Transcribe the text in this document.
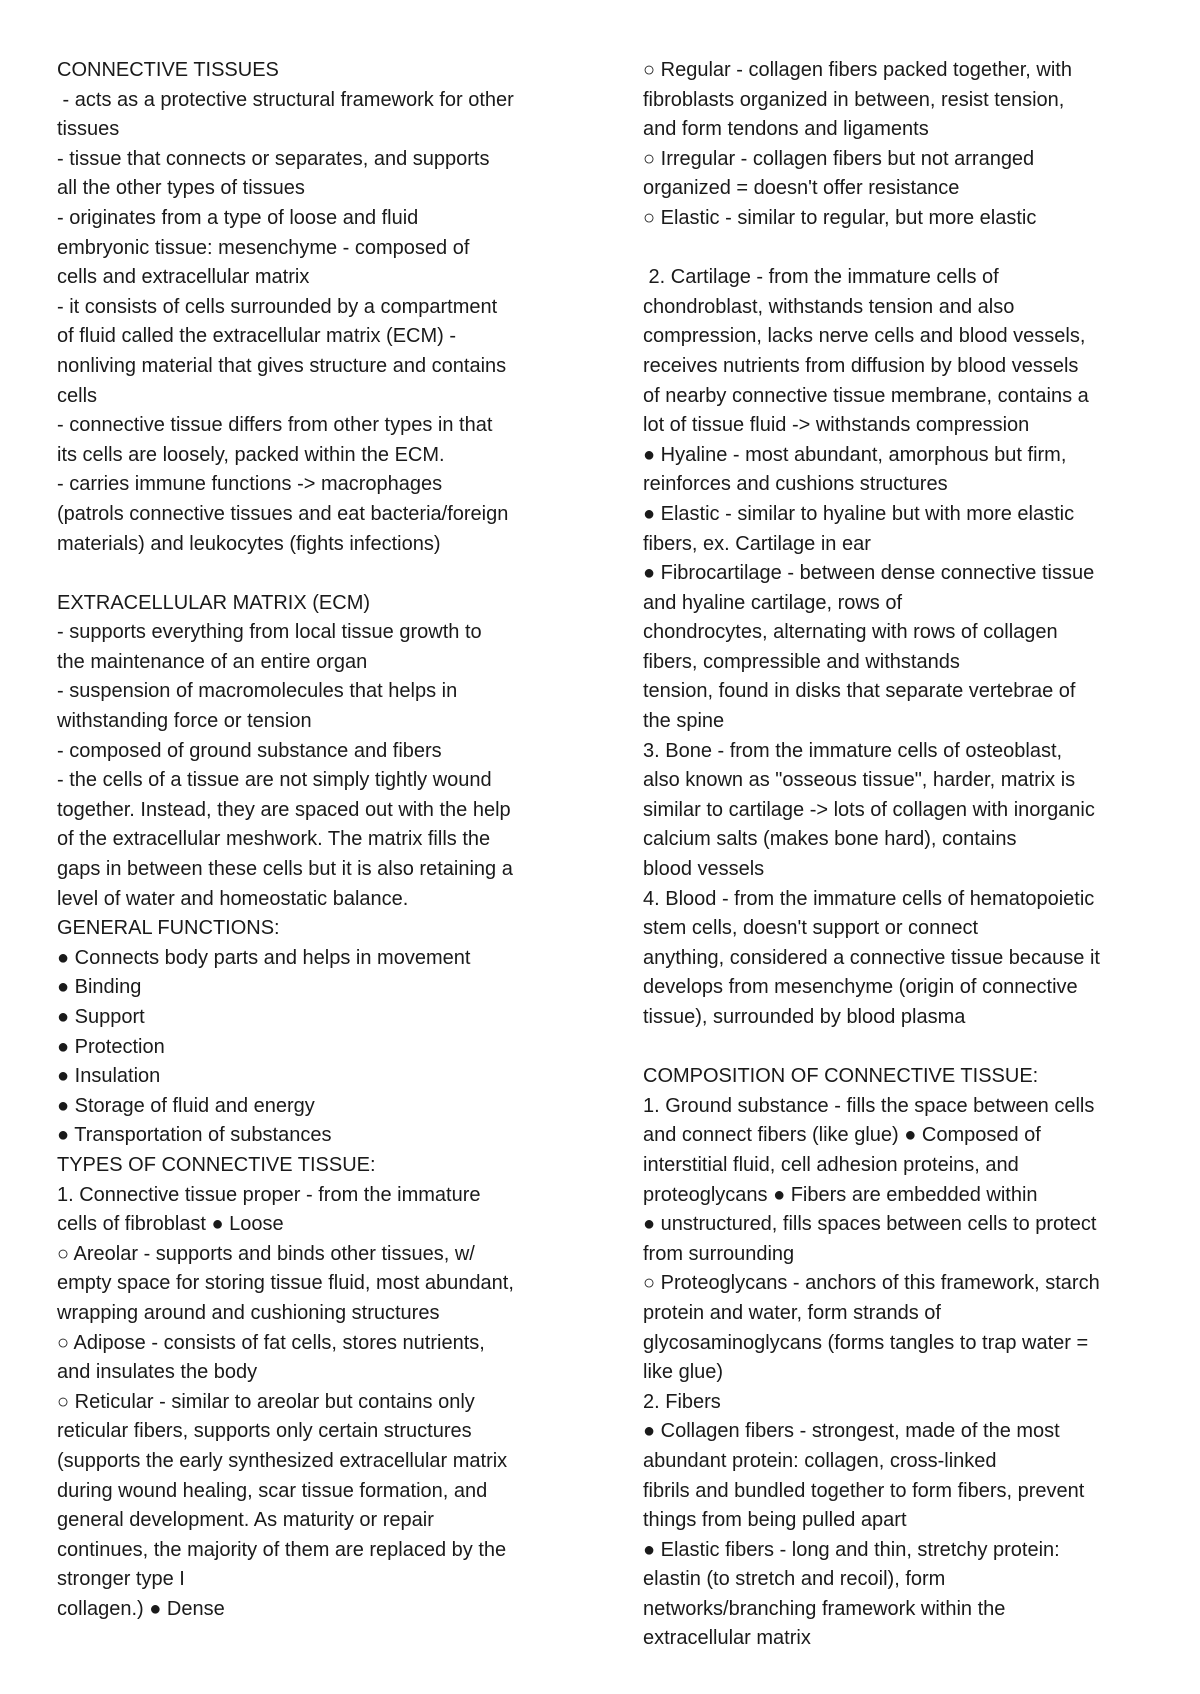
CONNECTIVE TISSUES
- acts as a protective structural framework for other
tissues
- tissue that connects or separates, and supports
all the other types of tissues
- originates from a type of loose and fluid
embryonic tissue: mesenchyme - composed of
cells and extracellular matrix
- it consists of cells surrounded by a compartment
of fluid called the extracellular matrix (ECM) -
nonliving material that gives structure and contains
cells
- connective tissue differs from other types in that
its cells are loosely, packed within the ECM.
- carries immune functions -> macrophages
(patrols connective tissues and eat bacteria/foreign
materials) and leukocytes (fights infections)
EXTRACELLULAR MATRIX (ECM)
- supports everything from local tissue growth to
the maintenance of an entire organ
- suspension of macromolecules that helps in
withstanding force or tension
- composed of ground substance and fibers
- the cells of a tissue are not simply tightly wound
together. Instead, they are spaced out with the help
of the extracellular meshwork. The matrix fills the
gaps in between these cells but it is also retaining a
level of water and homeostatic balance.
GENERAL FUNCTIONS:
● Connects body parts and helps in movement
● Binding
● Support
● Protection
● Insulation
● Storage of fluid and energy
● Transportation of substances
TYPES OF CONNECTIVE TISSUE:
1. Connective tissue proper - from the immature
cells of fibroblast ● Loose
○ Areolar - supports and binds other tissues, w/
empty space for storing tissue fluid, most abundant,
wrapping around and cushioning structures
○ Adipose - consists of fat cells, stores nutrients,
and insulates the body
○ Reticular - similar to areolar but contains only
reticular fibers, supports only certain structures
(supports the early synthesized extracellular matrix
during wound healing, scar tissue formation, and
general development. As maturity or repair
continues, the majority of them are replaced by the
stronger type I
collagen.) ● Dense
○ Regular - collagen fibers packed together, with
fibroblasts organized in between, resist tension,
and form tendons and ligaments
○ Irregular - collagen fibers but not arranged
organized = doesn't offer resistance
○ Elastic - similar to regular, but more elastic
2. Cartilage - from the immature cells of
chondroblast, withstands tension and also
compression, lacks nerve cells and blood vessels,
receives nutrients from diffusion by blood vessels
of nearby connective tissue membrane, contains a
lot of tissue fluid -> withstands compression
● Hyaline - most abundant, amorphous but firm,
reinforces and cushions structures
● Elastic - similar to hyaline but with more elastic
fibers, ex. Cartilage in ear
● Fibrocartilage - between dense connective tissue
and hyaline cartilage, rows of
chondrocytes, alternating with rows of collagen
fibers, compressible and withstands
tension, found in disks that separate vertebrae of
the spine
3. Bone - from the immature cells of osteoblast,
also known as "osseous tissue", harder, matrix is
similar to cartilage -> lots of collagen with inorganic
calcium salts (makes bone hard), contains
blood vessels
4. Blood - from the immature cells of hematopoietic
stem cells, doesn't support or connect
anything, considered a connective tissue because it
develops from mesenchyme (origin of connective
tissue), surrounded by blood plasma
COMPOSITION OF CONNECTIVE TISSUE:
1. Ground substance - fills the space between cells
and connect fibers (like glue) ● Composed of
interstitial fluid, cell adhesion proteins, and
proteoglycans ● Fibers are embedded within
● unstructured, fills spaces between cells to protect
from surrounding
○ Proteoglycans - anchors of this framework, starch
protein and water, form strands of
glycosaminoglycans (forms tangles to trap water =
like glue)
2. Fibers
● Collagen fibers - strongest, made of the most
abundant protein: collagen, cross-linked
fibrils and bundled together to form fibers, prevent
things from being pulled apart
● Elastic fibers - long and thin, stretchy protein:
elastin (to stretch and recoil), form
networks/branching framework within the
extracellular matrix
